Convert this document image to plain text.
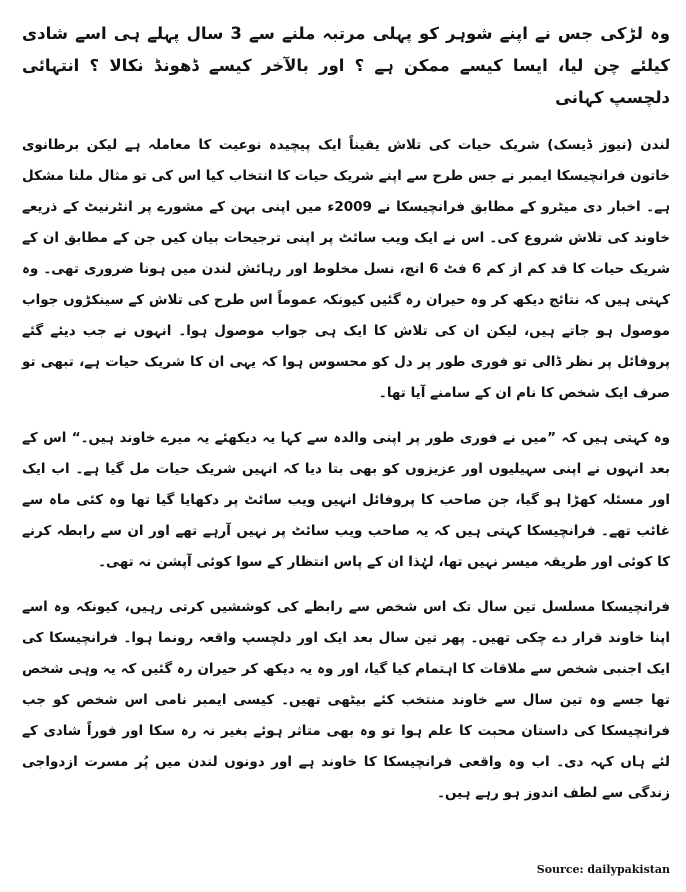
وہ لڑکی جس نے اپنے شوہر کو پہلی مرتبہ ملنے سے 3 سال پہلے ہی اسے شادی کیلئے چن لیا، ایسا کیسے ممکن ہے ؟ اور بالآخر کیسے ڈھونڈ نکالا ؟ انتہائی دلچسپ کہانی

لندن (نیوز ڈیسک) شریک حیات کی تلاش یقیناً ایک پیچیدہ نوعیت کا معاملہ ہے لیکن برطانوی خاتون فرانچیسکا ایمبر نے جس طرح سے اپنے شریک حیات کا انتخاب کیا اس کی تو مثال ملنا مشکل ہے۔ اخبار دی میٹرو کے مطابق فرانچیسکا نے 2009ء میں اپنی بہن کے مشورے پر انٹرنیٹ کے ذریعے خاوند کی تلاش شروع کی۔ اس نے ایک ویب سائٹ پر اپنی ترجیحات بیان کیں جن کے مطابق ان کے شریک حیات کا قد کم از کم 6 فٹ 6 انچ، نسل مخلوط اور رہائش لندن میں ہونا ضروری تھی۔ وہ کہتی ہیں کہ نتائج دیکھ کر وہ حیران رہ گئیں کیونکہ عموماً اس طرح کی تلاش کے سینکڑوں جواب موصول ہو جاتے ہیں، لیکن ان کی تلاش کا ایک ہی جواب موصول ہوا۔ انہوں نے جب دیئے گئے پروفائل پر نظر ڈالی تو فوری طور پر دل کو محسوس ہوا کہ یہی ان کا شریک حیات ہے، تبھی تو صرف ایک شخص کا نام ان کے سامنے آیا تھا۔

وہ کہتی ہیں کہ ”میں نے فوری طور پر اپنی والدہ سے کہا یہ دیکھئے یہ میرے خاوند ہیں۔“ اس کے بعد انہوں نے اپنی سہیلیوں اور عزیزوں کو بھی بتا دیا کہ انہیں شریک حیات مل گیا ہے۔ اب ایک اور مسئلہ کھڑا ہو گیا، جن صاحب کا پروفائل انہیں ویب سائٹ پر دکھایا گیا تھا وہ کئی ماہ سے غائب تھے۔ فرانچیسکا کہتی ہیں کہ یہ صاحب ویب سائٹ پر نہیں آرہے تھے اور ان سے رابطہ کرنے کا کوئی اور طریقہ میسر نہیں تھا، لہٰذا ان کے پاس انتظار کے سوا کوئی آپشن نہ تھی۔

فرانچیسکا مسلسل تین سال تک اس شخص سے رابطے کی کوششیں کرتی رہیں، کیونکہ وہ اسے اپنا خاوند قرار دے چکی تھیں۔ پھر تین سال بعد ایک اور دلچسپ واقعہ رونما ہوا۔ فرانچیسکا کی ایک اجنبی شخص سے ملاقات کا اہتمام کیا گیا، اور وہ یہ دیکھ کر حیران رہ گئیں کہ یہ وہی شخص تھا جسے وہ تین سال سے خاوند منتخب کئے بیٹھی تھیں۔ کیسی ایمبر نامی اس شخص کو جب فرانچیسکا کی داستان محبت کا علم ہوا تو وہ بھی متاثر ہوئے بغیر نہ رہ سکا اور فوراً شادی کے لئے ہاں کہہ دی۔ اب وہ واقعی فرانچیسکا کا خاوند ہے اور دونوں لندن میں پُر مسرت ازدواجی زندگی سے لطف اندوز ہو رہے ہیں۔

Source: dailypakistan
